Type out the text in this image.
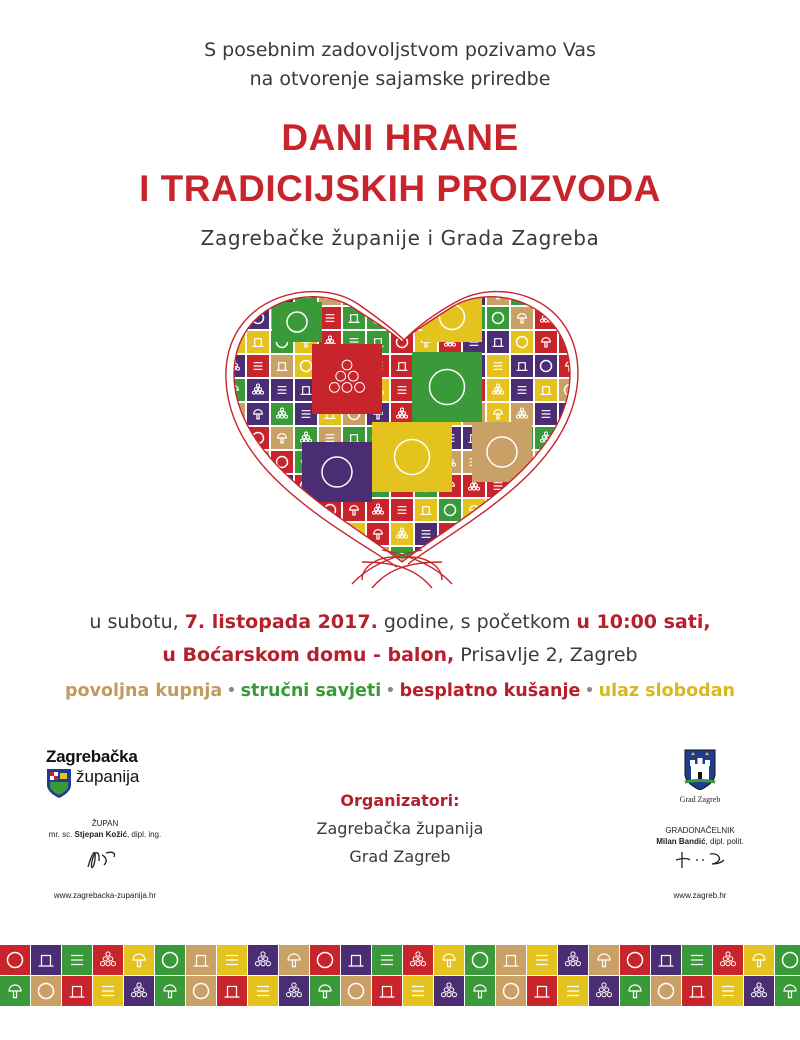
S posebnim zadovoljstvom pozivamo Vas
na otvorenje sajamske priredbe
DANI HRANE
I TRADICIJSKIH PROIZVODA
Zagrebačke županije i Grada Zagreba
u subotu, 7. listopada 2017. godine, s početkom u 10:00 sati,
u Boćarskom domu - balon, Prisavlje 2, Zagreb
povoljna kupnja • stručni savjeti • besplatno kušanje • ulaz slobodan
Zagrebačka
županija
ŽUPAN
mr. sc. Stjepan Kožić, dipl. ing.
www.zagrebacka-zupanija.hr
Organizatori:
Zagrebačka županija
Grad Zagreb
Grad Zagreb
GRADONAČELNIK
Milan Bandić, dipl. polit.
www.zagreb.hr
